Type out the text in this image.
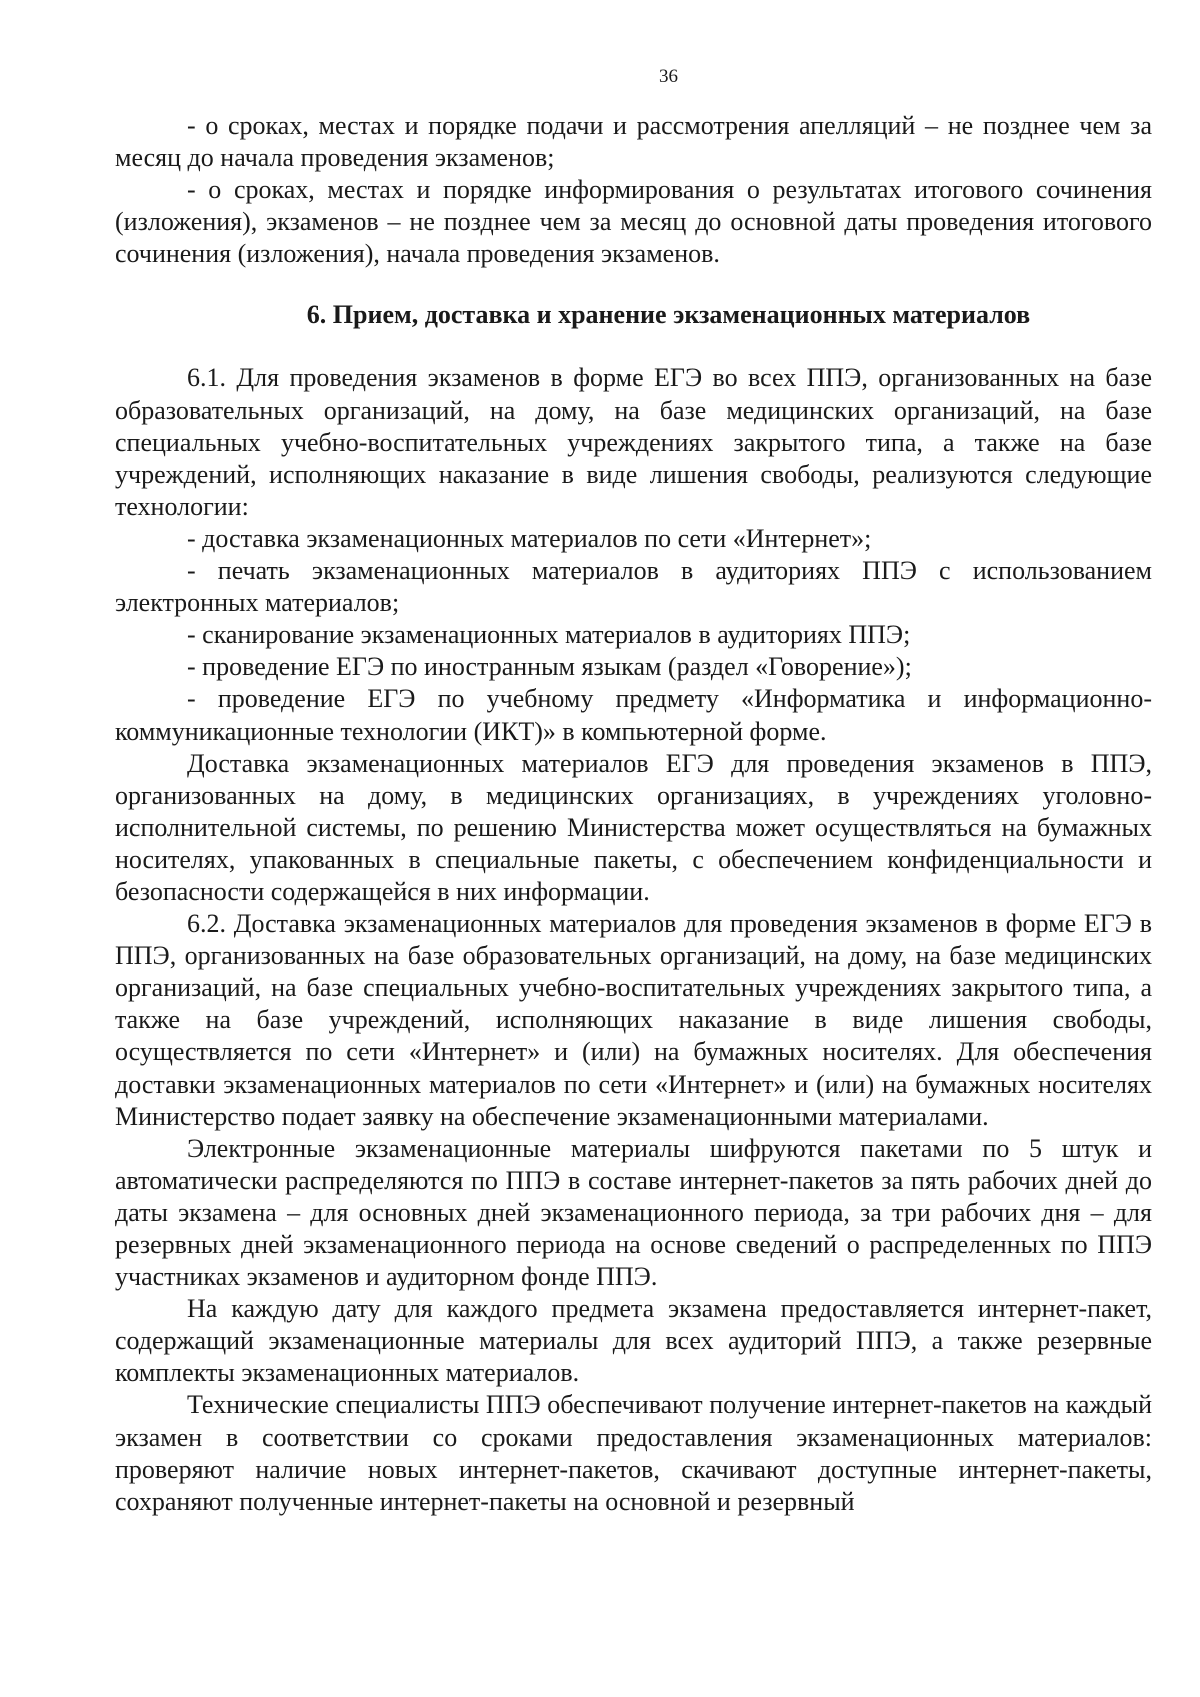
36

- о сроках, местах и порядке подачи и рассмотрения апелляций – не позднее чем за месяц до начала проведения экзаменов;

- о сроках, местах и порядке информирования о результатах итогового сочинения (изложения), экзаменов – не позднее чем за месяц до основной даты проведения итогового сочинения (изложения), начала проведения экзаменов.

6. Прием, доставка и хранение экзаменационных материалов

6.1. Для проведения экзаменов в форме ЕГЭ во всех ППЭ, организованных на базе образовательных организаций, на дому, на базе медицинских организаций, на базе специальных учебно-воспитательных учреждениях закрытого типа, а также на базе учреждений, исполняющих наказание в виде лишения свободы, реализуются следующие технологии:

- доставка экзаменационных материалов по сети «Интернет»;

- печать экзаменационных материалов в аудиториях ППЭ с использованием электронных материалов;

- сканирование экзаменационных материалов в аудиториях ППЭ;

- проведение ЕГЭ по иностранным языкам (раздел «Говорение»);

- проведение ЕГЭ по учебному предмету «Информатика и информационно-коммуникационные технологии (ИКТ)» в компьютерной форме.

Доставка экзаменационных материалов ЕГЭ для проведения экзаменов в ППЭ, организованных на дому, в медицинских организациях, в учреждениях уголовно-исполнительной системы, по решению Министерства может осуществляться на бумажных носителях, упакованных в специальные пакеты, с обеспечением конфиденциальности и безопасности содержащейся в них информации.

6.2. Доставка экзаменационных материалов для проведения экзаменов в форме ЕГЭ в ППЭ, организованных на базе образовательных организаций, на дому, на базе медицинских организаций, на базе специальных учебно-воспитательных учреждениях закрытого типа, а также на базе учреждений, исполняющих наказание в виде лишения свободы, осуществляется по сети «Интернет» и (или) на бумажных носителях. Для обеспечения доставки экзаменационных материалов по сети «Интернет» и (или) на бумажных носителях Министерство подает заявку на обеспечение экзаменационными материалами.

Электронные экзаменационные материалы шифруются пакетами по 5 штук и автоматически распределяются по ППЭ в составе интернет-пакетов за пять рабочих дней до даты экзамена – для основных дней экзаменационного периода, за три рабочих дня – для резервных дней экзаменационного периода на основе сведений о распределенных по ППЭ участниках экзаменов и аудиторном фонде ППЭ.

На каждую дату для каждого предмета экзамена предоставляется интернет-пакет, содержащий экзаменационные материалы для всех аудиторий ППЭ, а также резервные комплекты экзаменационных материалов.

Технические специалисты ППЭ обеспечивают получение интернет-пакетов на каждый экзамен в соответствии со сроками предоставления экзаменационных материалов: проверяют наличие новых интернет-пакетов, скачивают доступные интернет-пакеты, сохраняют полученные интернет-пакеты на основной и резервный
